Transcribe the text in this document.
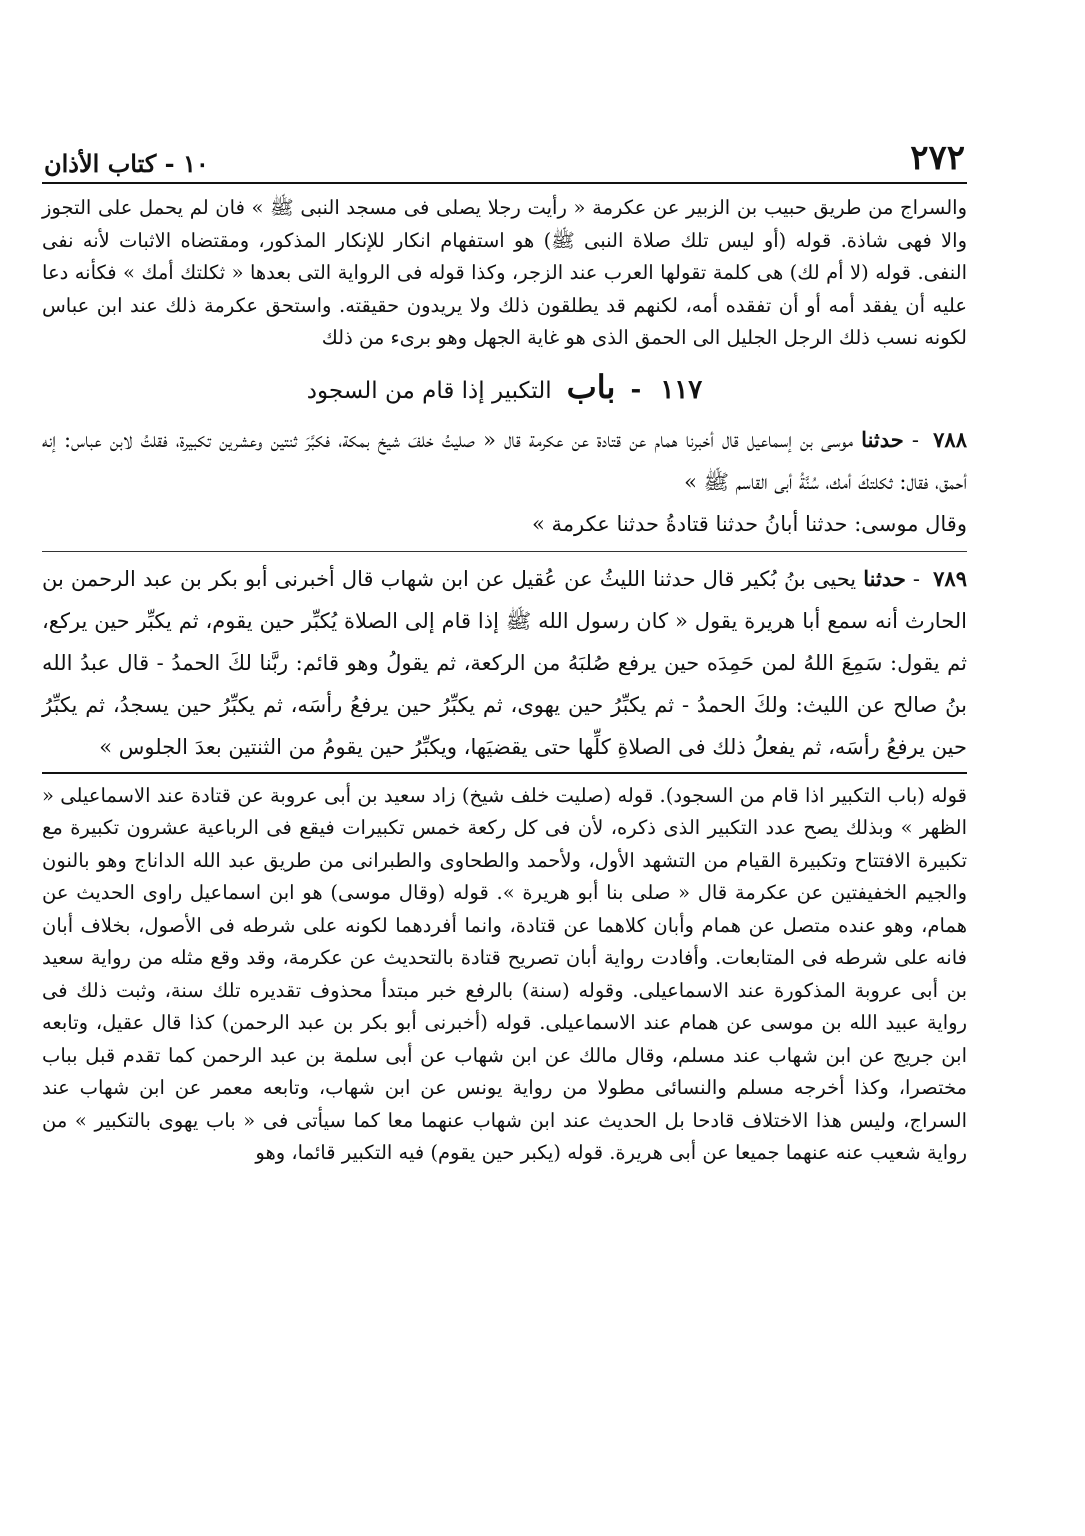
٢٧٢
١٠ - كتاب الأذان

والسراج من طريق حبيب بن الزبير عن عكرمة « رأيت رجلا يصلى فى مسجد النبى ﷺ » فان لم يحمل على التجوز والا فهى شاذة. قوله (أو ليس تلك صلاة النبى ﷺ) هو استفهام انكار للإنكار المذكور، ومقتضاه الاثبات لأنه نفى النفى. قوله (لا أم لك) هى كلمة تقولها العرب عند الزجر، وكذا قوله فى الرواية التى بعدها « ثكلتك أمك » فكأنه دعا عليه أن يفقد أمه أو أن تفقده أمه، لكنهم قد يطلقون ذلك ولا يريدون حقيقته. واستحق عكرمة ذلك عند ابن عباس لكونه نسب ذلك الرجل الجليل الى الحمق الذى هو غاية الجهل وهو برىء من ذلك

١١٧ - باب التكبير إذا قام من السجود

٧٨٨ - حدثنا موسى بن إسماعيل قال أخبرنا همام عن قتادة عن عكرمة قال « صليتُ خلفَ شيخ بمكة، فكبَّرَ ثنتين وعشرين تكبيرة، فقلتُ لابن عباس: إنه أحمق، فقال: ثكلتكَ أمك، سُنَّةُ أبى القاسم ﷺ »

وقال موسى: حدثنا أبانُ حدثنا قتادةُ حدثنا عكرمة »

٧٨٩ - حدثنا يحيى بنُ بُكير قال حدثنا الليثُ عن عُقيل عن ابن شهاب قال أخبرنى أبو بكر بن عبد الرحمن بن الحارث أنه سمع أبا هريرة يقول « كان رسول الله ﷺ إذا قام إلى الصلاة يُكبِّر حين يقوم، ثم يكبِّر حين يركع، ثم يقول: سَمِعَ اللهُ لمن حَمِدَه حين يرفع صُلبَهُ من الركعة، ثم يقولُ وهو قائم: ربَّنا لكَ الحمدُ - قال عبدُ الله بنُ صالح عن الليث: ولكَ الحمدُ - ثم يكبِّرُ حين يهوى، ثم يكبِّرُ حين يرفعُ رأسَه، ثم يكبِّرُ حين يسجدُ، ثم يكبِّرُ حين يرفعُ رأسَه، ثم يفعلُ ذلك فى الصلاةِ كلِّها حتى يقضيَها، ويكبِّرُ حين يقومُ من الثنتين بعدَ الجلوس »

قوله (باب التكبير اذا قام من السجود). قوله (صليت خلف شيخ) زاد سعيد بن أبى عروبة عن قتادة عند الاسماعيلى « الظهر » وبذلك يصح عدد التكبير الذى ذكره، لأن فى كل ركعة خمس تكبيرات فيقع فى الرباعية عشرون تكبيرة مع تكبيرة الافتتاح وتكبيرة القيام من التشهد الأول، ولأحمد والطحاوى والطبرانى من طريق عبد الله الداناج وهو بالنون والجيم الخفيفتين عن عكرمة قال « صلى بنا أبو هريرة ». قوله (وقال موسى) هو ابن اسماعيل راوى الحديث عن همام، وهو عنده متصل عن همام وأبان كلاهما عن قتادة، وانما أفردهما لكونه على شرطه فى الأصول، بخلاف أبان فانه على شرطه فى المتابعات. وأفادت رواية أبان تصريح قتادة بالتحديث عن عكرمة، وقد وقع مثله من رواية سعيد بن أبى عروبة المذكورة عند الاسماعيلى. وقوله (سنة) بالرفع خبر مبتدأ محذوف تقديره تلك سنة، وثبت ذلك فى رواية عبيد الله بن موسى عن همام عند الاسماعيلى. قوله (أخبرنى أبو بكر بن عبد الرحمن) كذا قال عقيل، وتابعه ابن جريج عن ابن شهاب عند مسلم، وقال مالك عن ابن شهاب عن أبى سلمة بن عبد الرحمن كما تقدم قبل بباب مختصرا، وكذا أخرجه مسلم والنسائى مطولا من رواية يونس عن ابن شهاب، وتابعه معمر عن ابن شهاب عند السراج، وليس هذا الاختلاف قادحا بل الحديث عند ابن شهاب عنهما معا كما سيأتى فى « باب يهوى بالتكبير » من رواية شعيب عنه عنهما جميعا عن أبى هريرة. قوله (يكبر حين يقوم) فيه التكبير قائما، وهو
